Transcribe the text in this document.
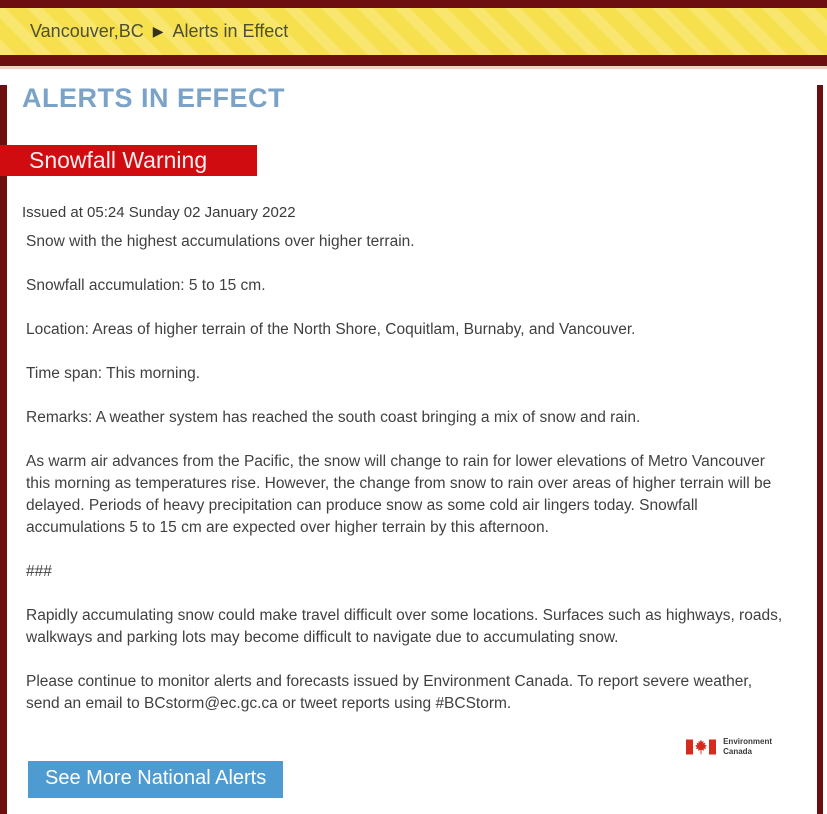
Vancouver,BC ▶ Alerts in Effect
ALERTS IN EFFECT
Snowfall Warning

Issued at 05:24 Sunday 02 January 2022

Snow with the highest accumulations over higher terrain.

Snowfall accumulation: 5 to 15 cm.

Location: Areas of higher terrain of the North Shore, Coquitlam, Burnaby, and Vancouver.

Time span: This morning.

Remarks: A weather system has reached the south coast bringing a mix of snow and rain.

As warm air advances from the Pacific, the snow will change to rain for lower elevations of Metro Vancouver this morning as temperatures rise. However, the change from snow to rain over areas of higher terrain will be delayed. Periods of heavy precipitation can produce snow as some cold air lingers today. Snowfall accumulations 5 to 15 cm are expected over higher terrain by this afternoon.

###

Rapidly accumulating snow could make travel difficult over some locations. Surfaces such as highways, roads, walkways and parking lots may become difficult to navigate due to accumulating snow.

Please continue to monitor alerts and forecasts issued by Environment Canada. To report severe weather, send an email to BCstorm@ec.gc.ca or tweet reports using #BCStorm.

Environment
Canada
See More National Alerts
